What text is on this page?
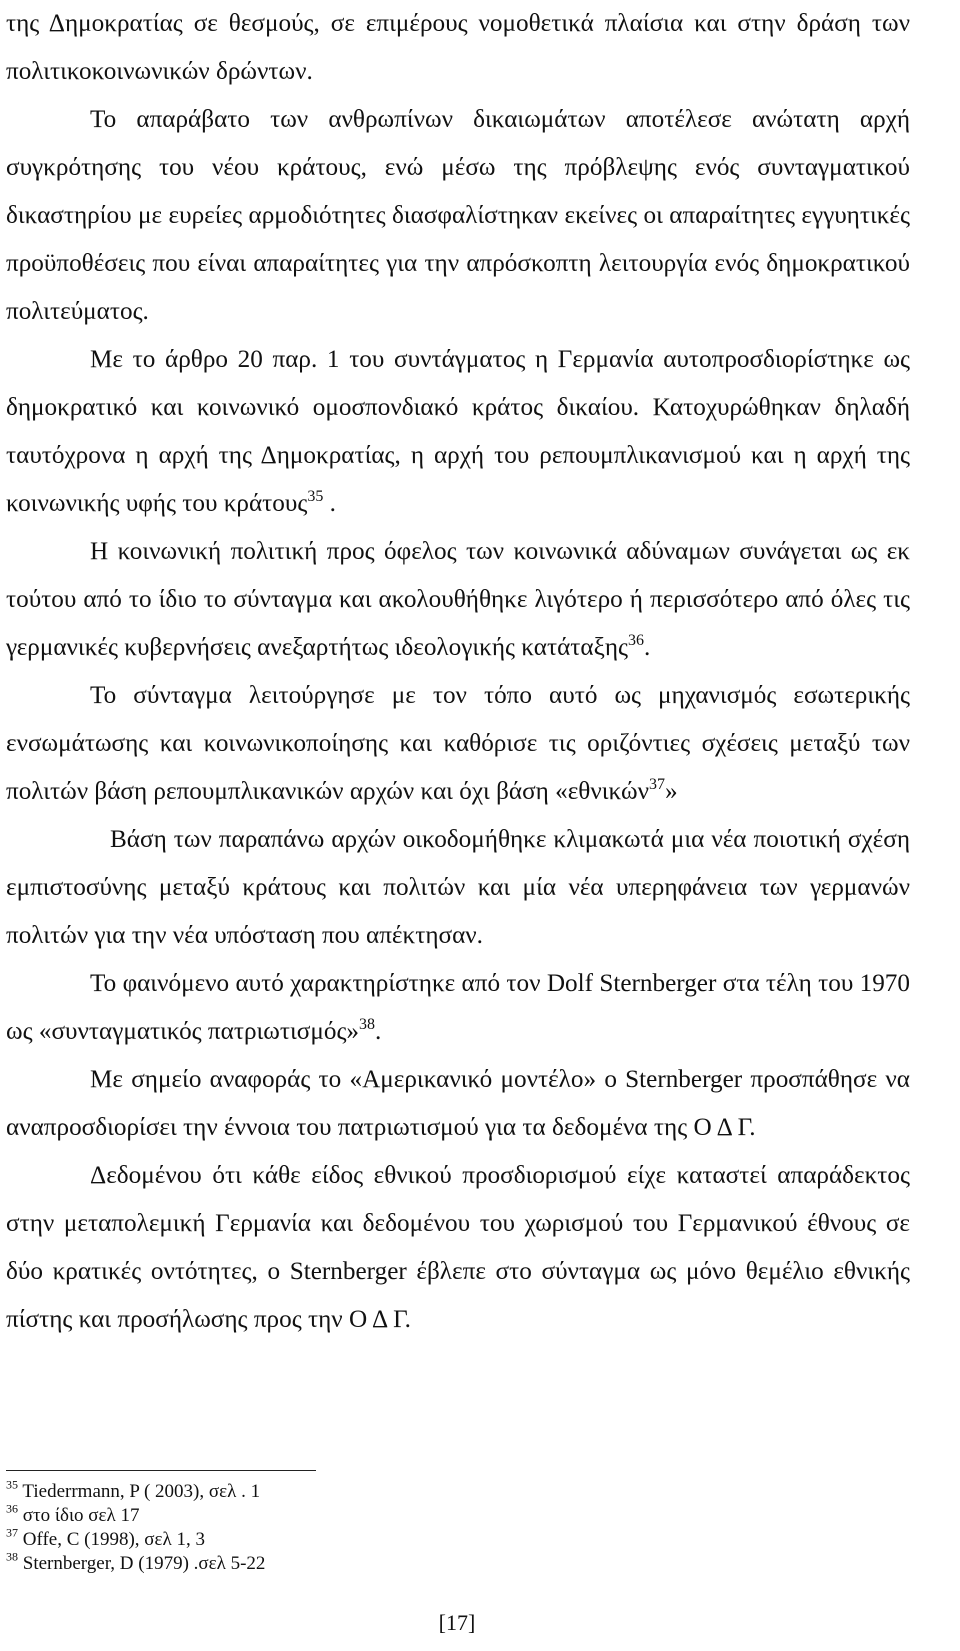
της Δημοκρατίας σε θεσμούς, σε επιμέρους νομοθετικά πλαίσια και στην δράση των πολιτικοκοινωνικών δρώντων.

Το απαράβατο των ανθρωπίνων δικαιωμάτων αποτέλεσε ανώτατη αρχή συγκρότησης του νέου κράτους, ενώ μέσω της πρόβλεψης ενός συνταγματικού δικαστηρίου με ευρείες αρμοδιότητες διασφαλίστηκαν εκείνες οι απαραίτητες εγγυητικές προϋποθέσεις που είναι απαραίτητες για την απρόσκοπτη λειτουργία ενός δημοκρατικού πολιτεύματος.

Με το άρθρο 20 παρ. 1 του συντάγματος η Γερμανία αυτοπροσδιορίστηκε ως δημοκρατικό και κοινωνικό ομοσπονδιακό κράτος δικαίου. Κατοχυρώθηκαν δηλαδή ταυτόχρονα η αρχή της Δημοκρατίας, η αρχή του ρεπουμπλικανισμού και η αρχή της κοινωνικής υφής του κράτους$^{35}$ .

Η κοινωνική πολιτική προς όφελος των κοινωνικά αδύναμων συνάγεται ως εκ τούτου από το ίδιο το σύνταγμα και ακολουθήθηκε λιγότερο ή περισσότερο από όλες τις γερμανικές κυβερνήσεις ανεξαρτήτως ιδεολογικής κατάταξης$^{36}$.

Το σύνταγμα λειτούργησε με τον τόπο αυτό ως μηχανισμός εσωτερικής ενσωμάτωσης και κοινωνικοποίησης και καθόρισε τις οριζόντιες σχέσεις μεταξύ των πολιτών βάση ρεπουμπλικανικών αρχών και όχι βάση «εθνικών$^{37}$»

Βάση των παραπάνω αρχών οικοδομήθηκε κλιμακωτά μια νέα ποιοτική σχέση εμπιστοσύνης μεταξύ κράτους και πολιτών και μία νέα υπερηφάνεια των γερμανών πολιτών για την νέα υπόσταση που απέκτησαν.

Το φαινόμενο αυτό χαρακτηρίστηκε από τον Dolf Sternberger στα τέλη του 1970 ως «συνταγματικός πατριωτισμός»$^{38}$.

Με σημείο αναφοράς το «Αμερικανικό μοντέλο» ο Sternberger προσπάθησε να αναπροσδιορίσει την έννοια του πατριωτισμού για τα δεδομένα της Ο Δ Γ.

Δεδομένου ότι κάθε είδος εθνικού προσδιορισμού είχε καταστεί απαράδεκτος στην μεταπολεμική Γερμανία και δεδομένου του χωρισμού του Γερμανικού έθνους σε δύο κρατικές οντότητες, ο Sternberger έβλεπε στο σύνταγμα ως μόνο θεμέλιο εθνικής πίστης και προσήλωσης προς την Ο Δ Γ.

$^{35}$ Tiederrmann, P ( 2003), σελ . 1

$^{36}$ στο ίδιο σελ 17

$^{37}$ Offe, C (1998), σελ 1, 3

$^{38}$ Sternberger, D (1979) .σελ 5-22

[17]
